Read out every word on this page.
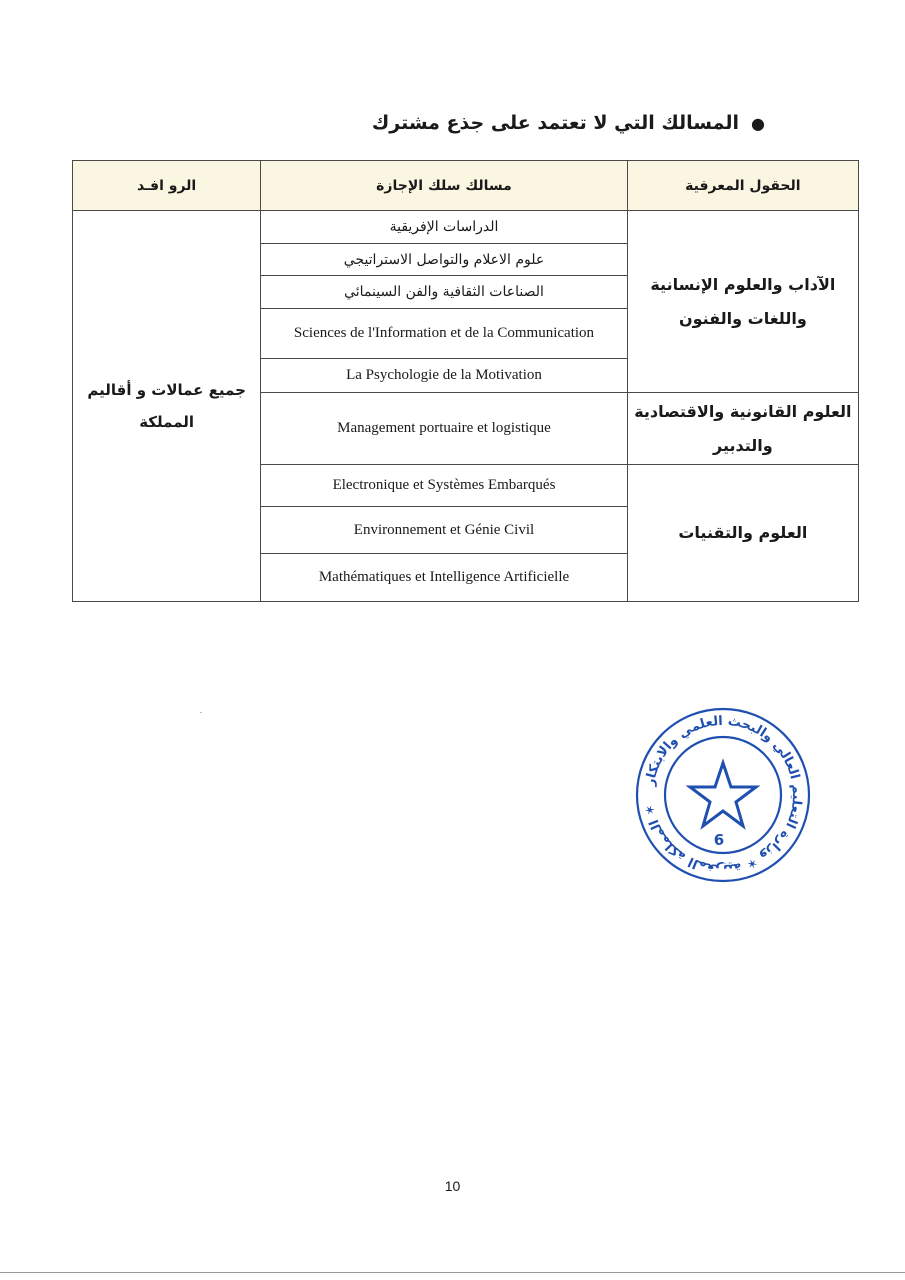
●
المسالك التي لا تعتمد على جذع مشترك
الحقول المعرفية	مسالك سلك الإجازة	الرو افـد
الآداب والعلوم الإنسانية واللغات والفنون	الدراسات الإفريقية	جميع عمالات و أقاليم المملكة
	علوم الاعلام والتواصل الاستراتيجي	
	الصناعات الثقافية والفن السينمائي	
	Sciences de l'Information et de la Communication	
	La Psychologie de la Motivation	
العلوم القانونية والاقتصادية والتدبير	Management portuaire et logistique	
العلوم والتقنيات	Electronique et Systèmes Embarqués	
	Environnement et Génie Civil	
	Mathématiques et Intelligence Artificielle	
المملكة المغربية ✶ وزارة التعليم العالي والبحث العلمي والابتكار ✶
6
10
